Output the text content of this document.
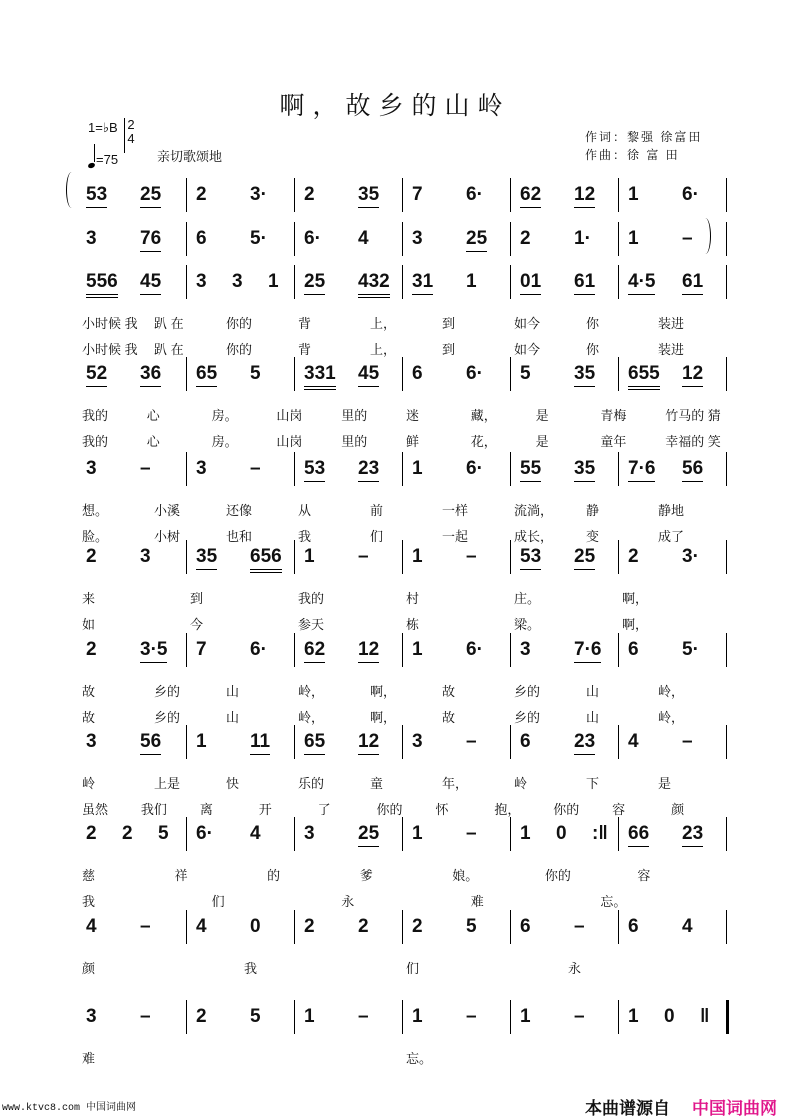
啊，故乡的山岭
1=♭B 2
4
=75	亲切歌颂地
作词：黎强 徐富田
作曲：徐 富 田
53 25 2 3· 2 35 7 6· 62 12 1 6·
3 76 6 5· 6· 4 3 25 2 1· 1 –
556 45 3 3 1 25 432 31 1 01 61 4·5 61
小时候 我 趴 在	你的	背	上，	到	如今	你	装进
小时候 我 趴 在	你的	背	上，	到	如今	你	装进
52 36 65 5 331 45 6 6· 5 35 655 12
我的	心	房。	山岗	里的	迷	藏，	是	青梅	竹马的 猜
我的	心	房。	山岗	里的	鲜	花，	是	童年	幸福的 笑
3 – 3 – 53 23 1 6· 55 35 7·6 56
想。	小溪	还像	从	前	一样	流淌，	静	静地
脸。	小树	也和	我	们	一起	成长，	变	成了
2 3 35 656 1 – 1 – 53 25 2 3·
来	到	我的	村	庄。	啊，
如	今	参天	栋	梁。	啊，
2 3·5 7 6· 62 12 1 6· 3 7·6 6 5·
故	乡的	山	岭，	啊，	故	乡的	山	岭，
故	乡的	山	岭，	啊，	故	乡的	山	岭，
3 56 1 11 65 12 3 – 6 23 4 –
岭	上是	快	乐的	童	年，	岭	下	是
虽然	我们	离	开	了	你的	怀	抱，	你的	容	颜
2 2 5 6· 4 3 25 1 – 1 0 :‖ 66 23
慈	祥	的	爹	娘。	你的	容
我	们	永	难	忘。
4 – 4 0 2 2 2 5 6 – 6 4
颜	我	们	永
3 – 2 5 1 – 1 – 1 – 1 0 ‖
难	忘。
www.ktvc8.com 中国词曲网	本曲谱源自 中国词曲网
